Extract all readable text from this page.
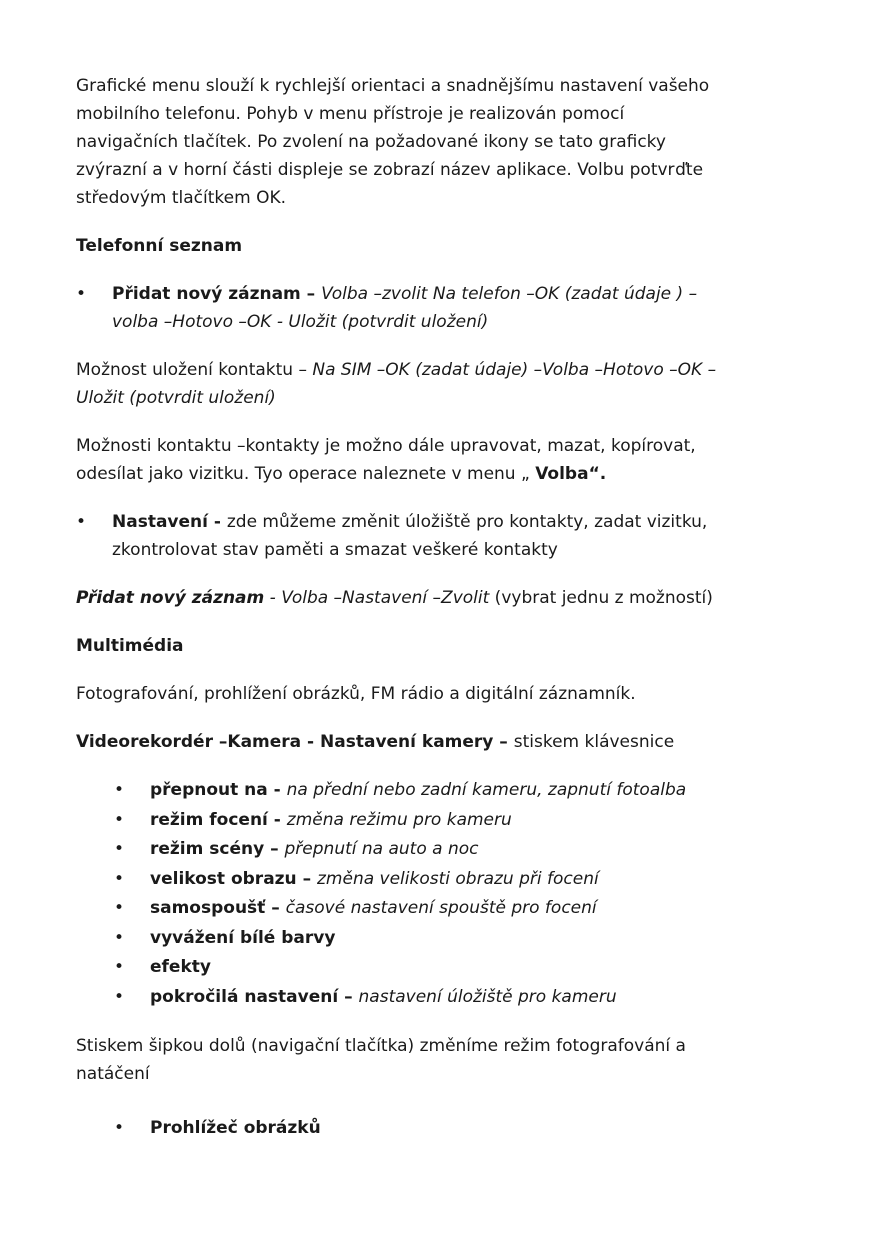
Grafické menu slouží k rychlejší orientaci a snadnějšímu nastavení vašeho
mobilního telefonu. Pohyb v menu přístroje je realizován pomocí
navigačních tlačítek. Po zvolení na požadované ikony se tato graficky
zvýrazní a v horní části displeje se zobrazí název aplikace. Volbu potvrďte
středovým tlačítkem OK.

Telefonní seznam

• Přidat nový záznam – Volba –zvolit Na telefon –OK (zadat údaje ) –
volba –Hotovo –OK - Uložit (potvrdit uložení)

Možnost uložení kontaktu – Na SIM –OK (zadat údaje) –Volba –Hotovo –OK –
Uložit (potvrdit uložení)

Možnosti kontaktu –kontakty je možno dále upravovat, mazat, kopírovat,
odesílat jako vizitku. Tyo operace naleznete v menu „ Volba“.

• Nastavení - zde můžeme změnit úložiště pro kontakty, zadat vizitku,
zkontrolovat stav paměti a smazat veškeré kontakty

Přidat nový záznam - Volba –Nastavení –Zvolit (vybrat jednu z možností)

Multimédia

Fotografování, prohlížení obrázků, FM rádio a digitální záznamník.

Videorekordér –Kamera - Nastavení kamery – stiskem klávesnice

• přepnout na - na přední nebo zadní kameru, zapnutí fotoalba
• režim focení - změna režimu pro kameru
• režim scény – přepnutí na auto a noc
• velikost obrazu – změna velikosti obrazu při focení
• samospoušť – časové nastavení spouště pro focení
• vyvážení bílé barvy
• efekty
• pokročilá nastavení – nastavení úložiště pro kameru

Stiskem šipkou dolů (navigační tlačítka) změníme režim fotografování a
natáčení

• Prohlížeč obrázků
